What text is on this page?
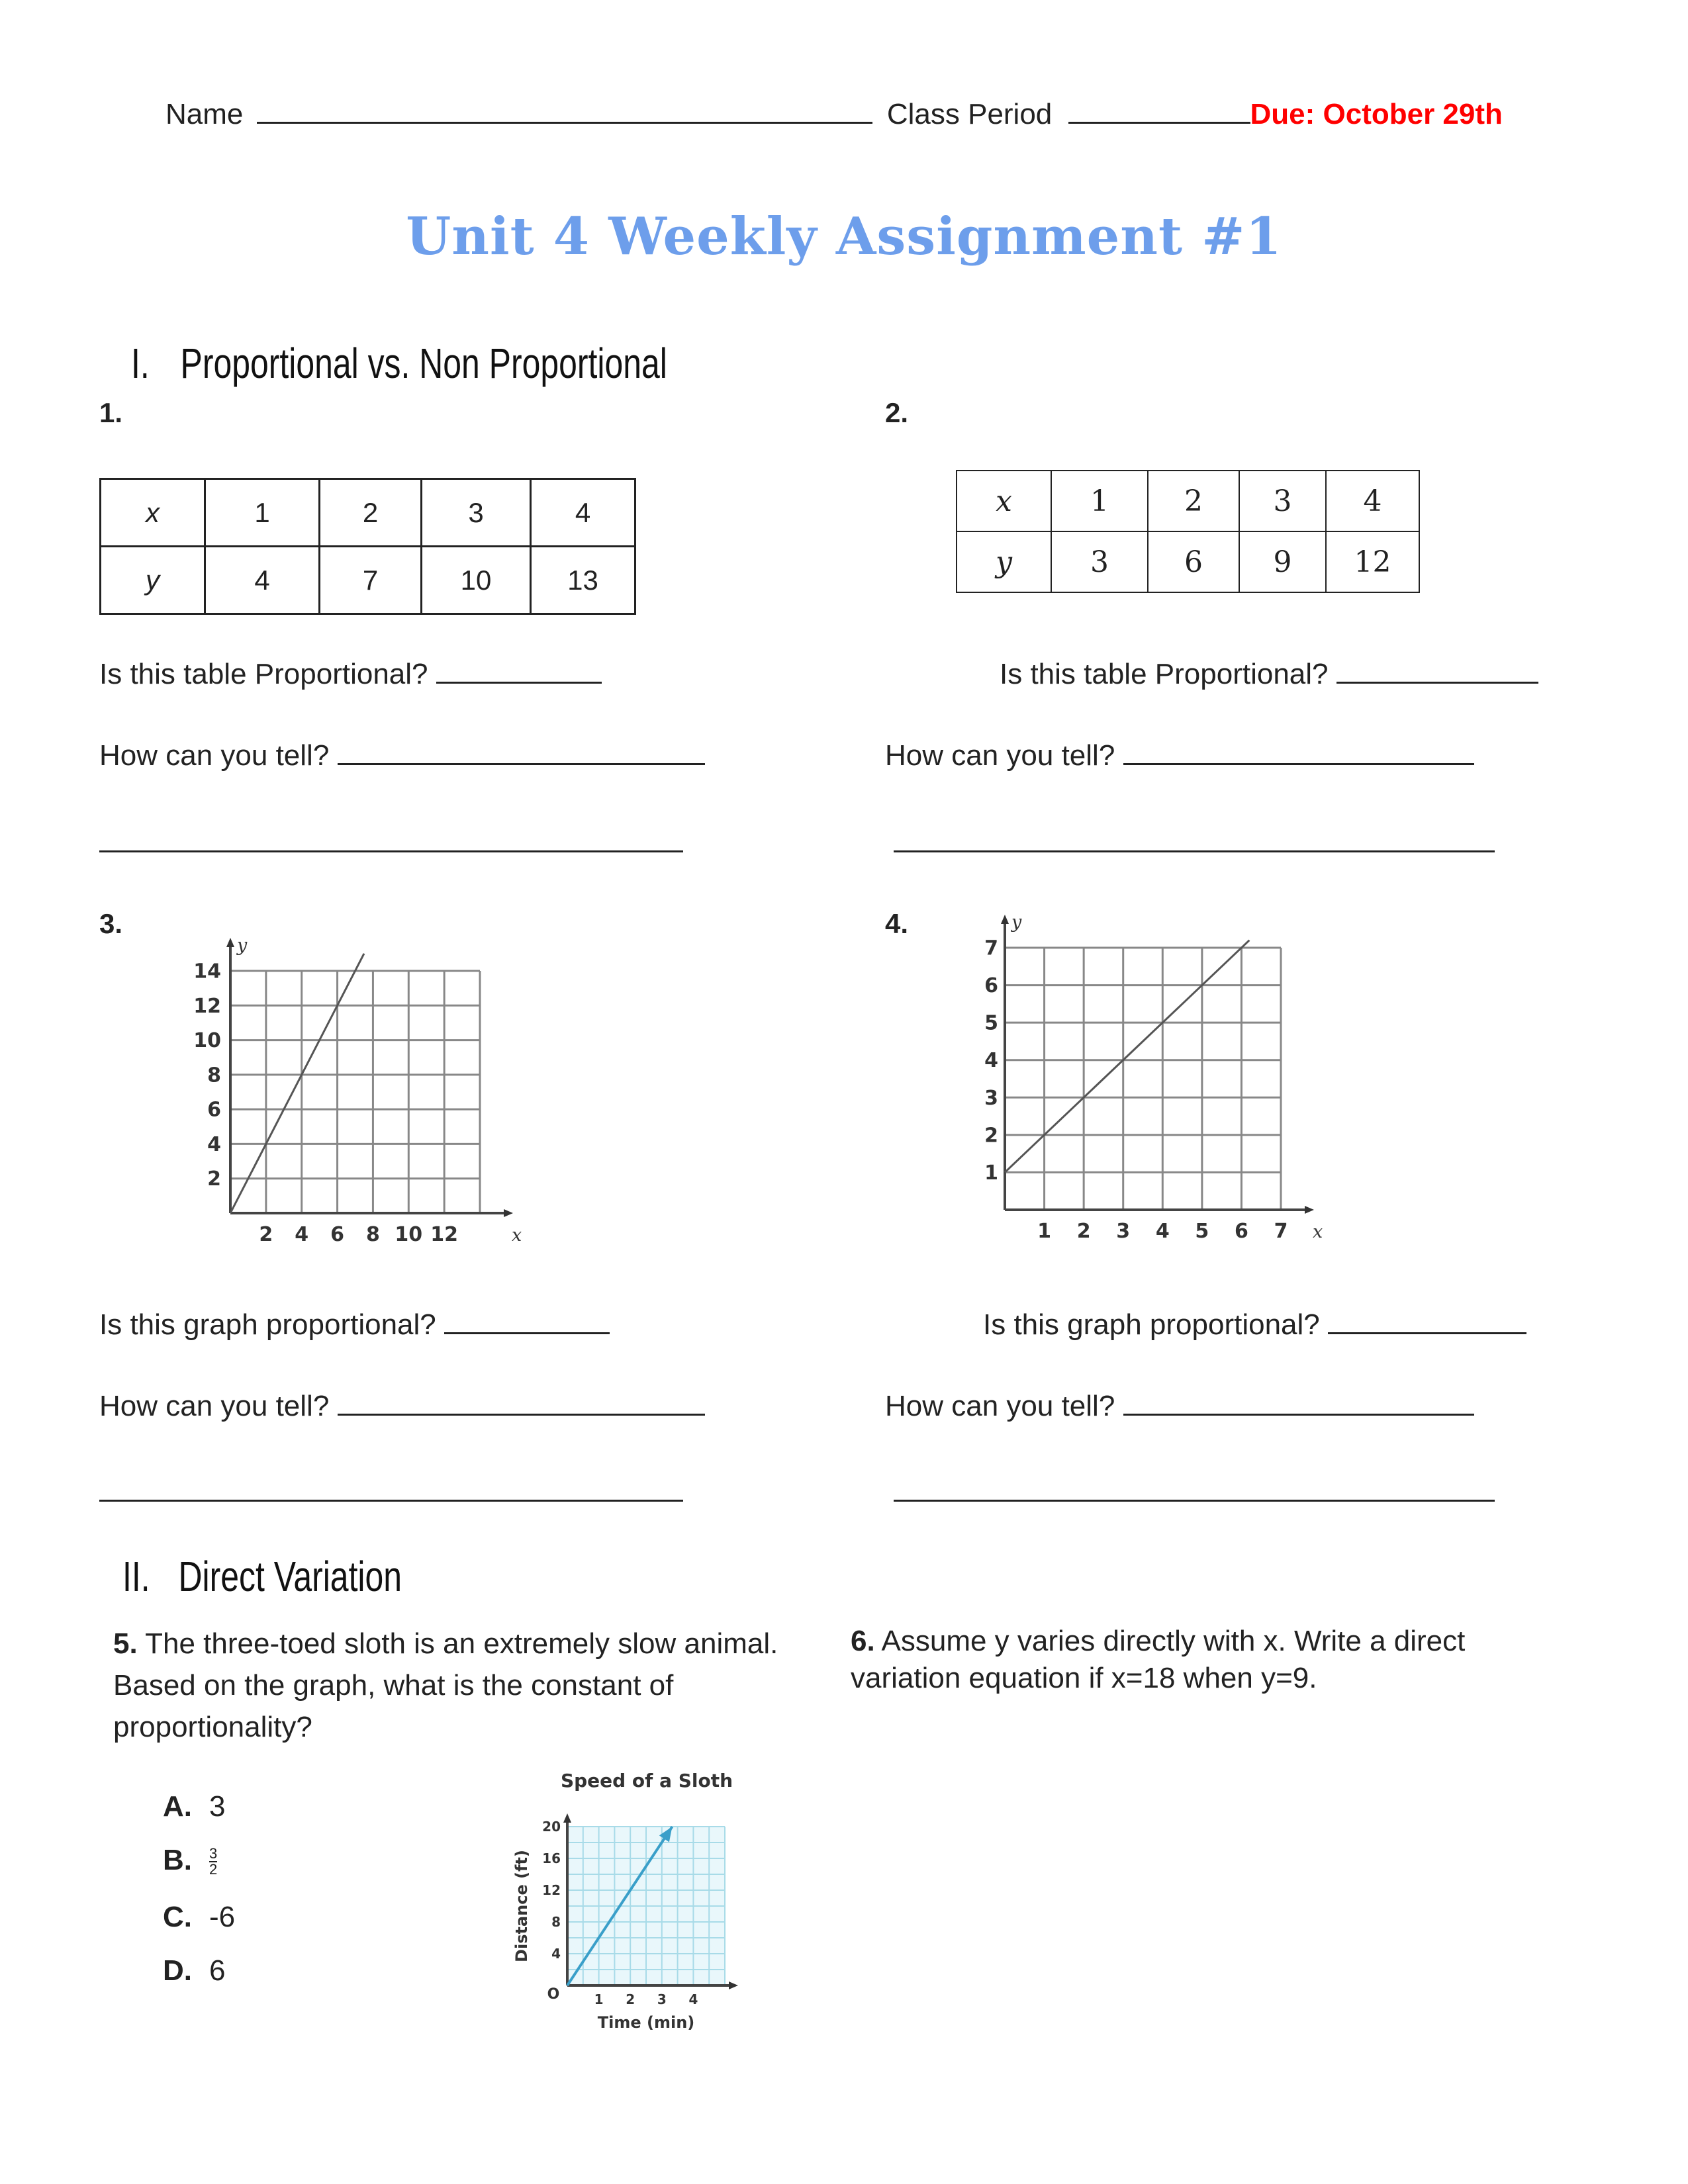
Name	Class Period	Due: October 29th
Unit 4 Weekly Assignment #1
I. Proportional vs. Non Proportional
1.
x	1	2	3	4
y	4	7	10	13
Is this table Proportional?
How can you tell?
2.
x	1	2	3	4
y	3	6	9	12
Is this table Proportional?
How can you tell?
3.
2 4 6 8 10 12
2
4
6
8
10
12
14
x
y
Is this graph proportional?
How can you tell?
4.
1 2 3 4 5 6 7
1
2
3
4
5
6
7
x
y
Is this graph proportional?
How can you tell?
II. Direct Variation
5. The three-toed sloth is an extremely slow animal. Based on the graph, what is the constant of proportionality?
6. Assume y varies directly with x. Write a direct variation equation if x=18 when y=9.
A. 3
B. $\frac{3}{2}$
C. -6
D. 6
1 2 3 4
4
8
12
16
20
Speed of a Sloth
Time (min)
Distance (ft)
O
